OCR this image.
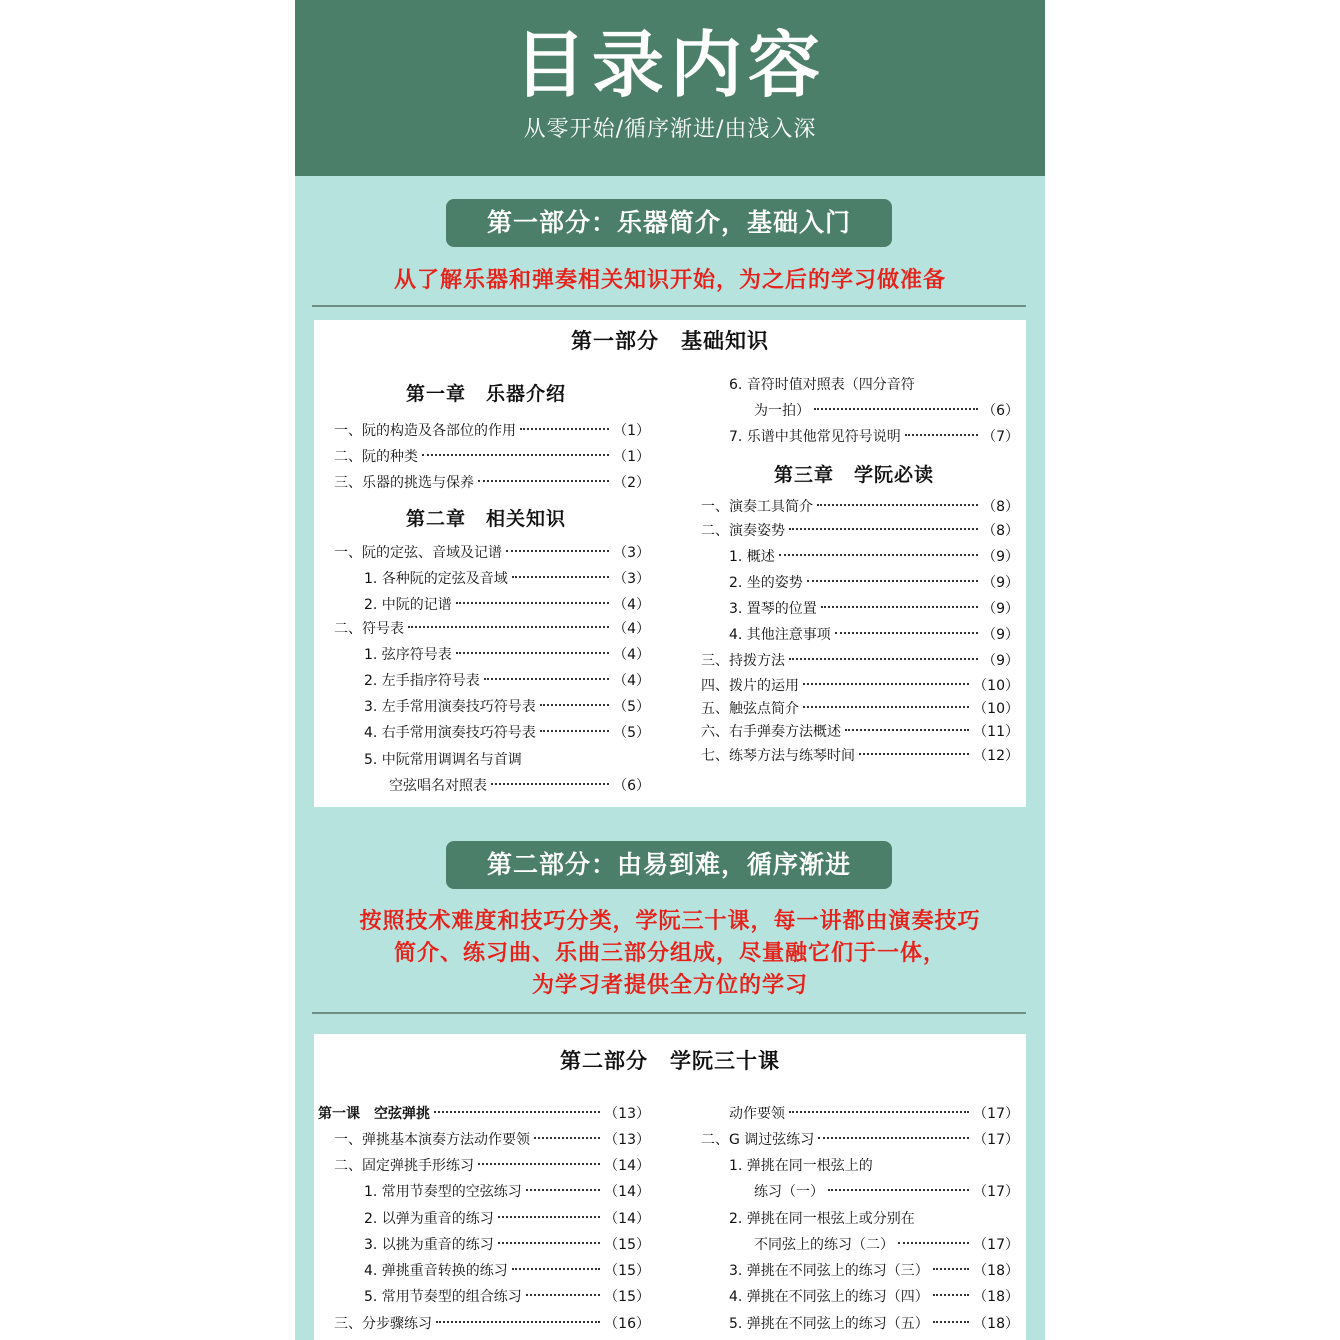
目录内容
从零开始/循序渐进/由浅入深
第一部分：乐器简介，基础入门
从了解乐器和弹奏相关知识开始，为之后的学习做准备
第一部分　基础知识
第一章　乐器介绍
第二章　相关知识
第三章　学阮必读
一、阮的构造及各部位的作用	（1）
二、阮的种类	（1）
三、乐器的挑选与保养	（2）
一、阮的定弦、音域及记谱	（3）
1. 各种阮的定弦及音域	（3）
2. 中阮的记谱	（4）
二、符号表	（4）
1. 弦序符号表	（4）
2. 左手指序符号表	（4）
3. 左手常用演奏技巧符号表	（5）
4. 右手常用演奏技巧符号表	（5）
5. 中阮常用调调名与首调
空弦唱名对照表	（6）
6. 音符时值对照表（四分音符
为一拍）	（6）
7. 乐谱中其他常见符号说明	（7）
一、演奏工具简介	（8）
二、演奏姿势	（8）
1. 概述	（9）
2. 坐的姿势	（9）
3. 置琴的位置	（9）
4. 其他注意事项	（9）
三、持拨方法	（9）
四、拨片的运用	（10）
五、触弦点简介	（10）
六、右手弹奏方法概述	（11）
七、练琴方法与练琴时间	（12）
第二部分：由易到难，循序渐进
按照技术难度和技巧分类，学阮三十课，每一讲都由演奏技巧
简介、练习曲、乐曲三部分组成，尽量融它们于一体，
为学习者提供全方位的学习
第二部分　学阮三十课
第一课　空弦弹挑	（13）
一、弹挑基本演奏方法动作要领	（13）
二、固定弹挑手形练习	（14）
1. 常用节奏型的空弦练习	（14）
2. 以弹为重音的练习	（14）
3. 以挑为重音的练习	（15）
4. 弹挑重音转换的练习	（15）
5. 常用节奏型的组合练习	（15）
三、分步骤练习	（16）
动作要领	（17）
二、G 调过弦练习	（17）
1. 弹挑在同一根弦上的
练习（一）	（17）
2. 弹挑在同一根弦上或分别在
不同弦上的练习（二）	（17）
3. 弹挑在不同弦上的练习（三）	（18）
4. 弹挑在不同弦上的练习（四）	（18）
5. 弹挑在不同弦上的练习（五）	（18）
